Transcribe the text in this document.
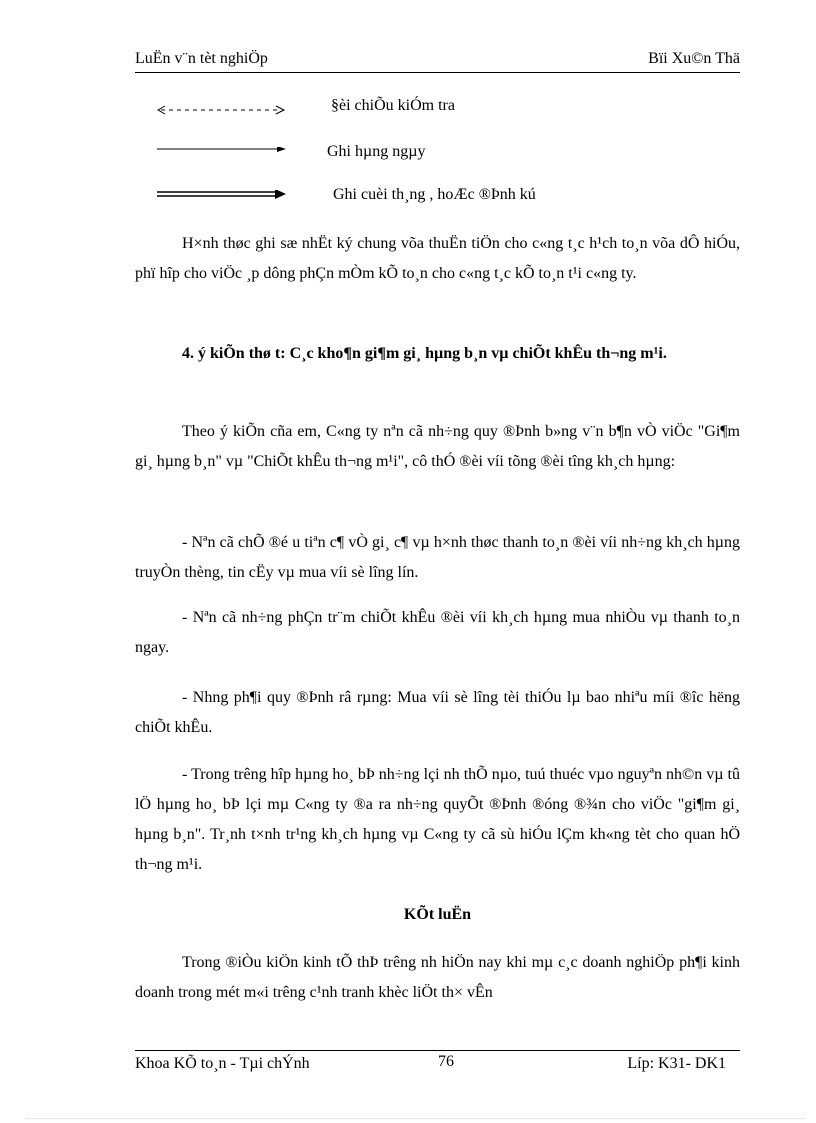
LuËn v¨n tèt nghiÖp	Bïi Xu©n Thä
§èi chiÕu kiÓm tra
Ghi hµng ngµy
Ghi cuèi th¸ng , hoÆc ®Þnh kú

H×nh thøc ghi sæ nhËt ký chung võa thuËn tiÖn cho c«ng t¸c h¹ch to¸n võa dÔ hiÓu, phï hîp cho viÖc ¸p dông phÇn mÒm kÕ to¸n cho c«ng t¸c kÕ to¸n t¹i c«ng ty.

4. ý kiÕn thø t: C¸c kho¶n gi¶m gi¸ hµng b¸n vµ chiÕt khÊu th¬ng m¹i.

Theo ý kiÕn cña em, C«ng ty nªn cã nh÷ng quy ®Þnh b»ng v¨n b¶n vÒ viÖc "Gi¶m gi¸ hµng b¸n" vµ "ChiÕt khÊu th¬ng m¹i", cô thÓ ®èi víi tõng ®èi tîng kh¸ch hµng:

- Nªn cã chÕ ®é u tiªn c¶ vÒ gi¸ c¶ vµ h×nh thøc thanh to¸n ®èi víi nh÷ng kh¸ch hµng truyÒn thèng, tin cËy vµ mua víi sè lîng lín.

- Nªn cã nh÷ng phÇn tr¨m chiÕt khÊu ®èi víi kh¸ch hµng mua nhiÒu vµ thanh to¸n ngay.

- Nhng ph¶i quy ®Þnh râ rµng: Mua víi sè lîng tèi thiÓu lµ bao nhiªu míi ®îc hëng chiÕt khÊu.

- Trong trêng hîp hµng ho¸ bÞ nh÷ng lçi nh thÕ nµo, tuú thuéc vµo nguyªn nh©n vµ tû lÖ hµng ho¸ bÞ lçi mµ C«ng ty ®a ra nh÷ng quyÕt ®Þnh ®óng ®¾n cho viÖc "gi¶m gi¸ hµng b¸n". Tr¸nh t×nh tr¹ng kh¸ch hµng vµ C«ng ty cã sù hiÓu lÇm kh«ng tèt cho quan hÖ th¬ng m¹i.

KÕt luËn

Trong ®iÒu kiÖn kinh tÕ thÞ trêng nh hiÖn nay khi mµ c¸c doanh nghiÖp ph¶i kinh doanh trong mét m«i trêng c¹nh tranh khèc liÖt th× vÊn

Khoa KÕ to¸n - Tµi chÝnh	76	Líp: K31- DK1
